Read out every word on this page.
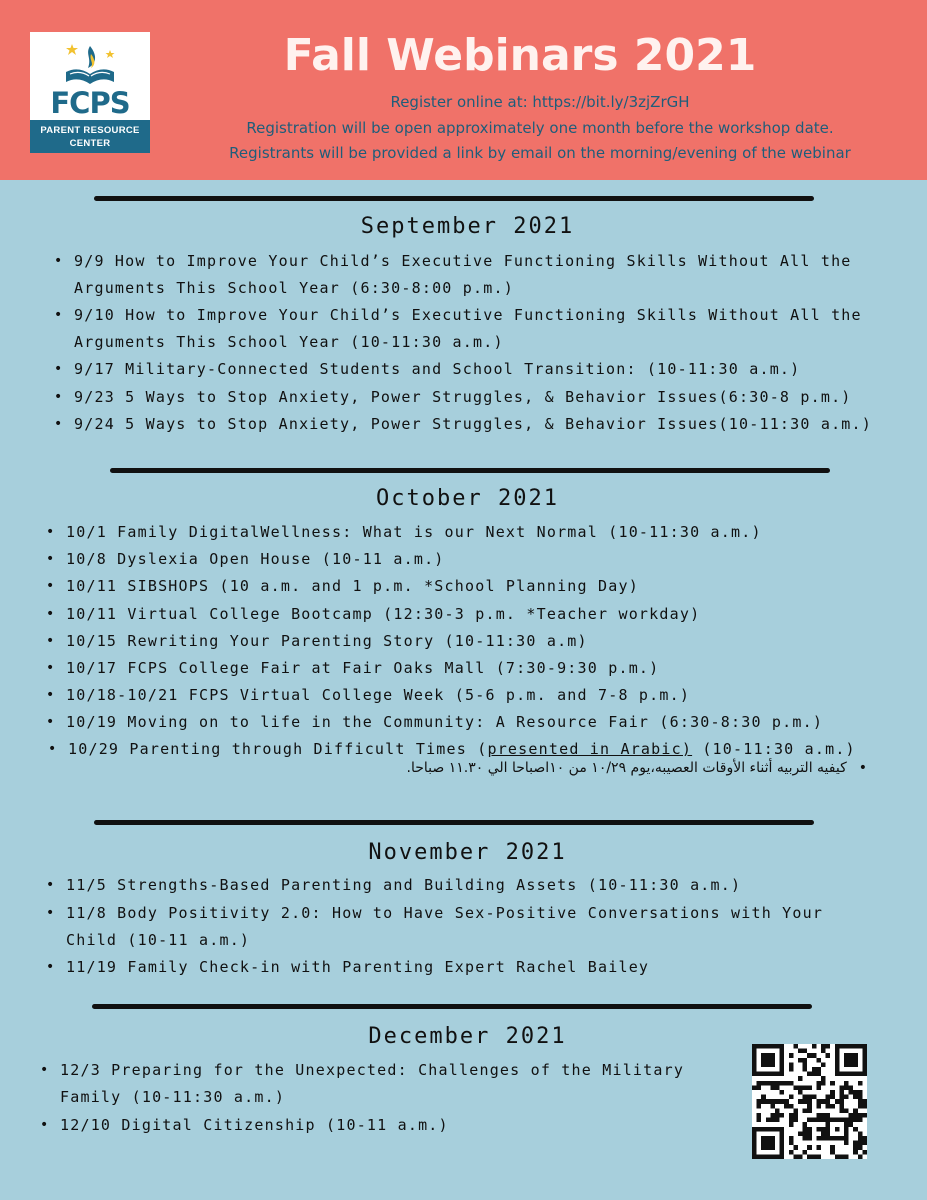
FCPS
PARENT RESOURCE
CENTER
Fall Webinars 2021
Register online at: https://bit.ly/3zjZrGH
Registration will be open approximately one month before the workshop date.
Registrants will be provided a link by email on the morning/evening of the webinar
September 2021
• 9/9 How to Improve Your Child’s Executive Functioning Skills Without All the
Arguments This School Year (6:30-8:00 p.m.)
• 9/10 How to Improve Your Child’s Executive Functioning Skills Without All the
Arguments This School Year (10-11:30 a.m.)
• 9/17 Military-Connected Students and School Transition: (10-11:30 a.m.)
• 9/23 5 Ways to Stop Anxiety, Power Struggles, & Behavior Issues(6:30-8 p.m.)
• 9/24 5 Ways to Stop Anxiety, Power Struggles, & Behavior Issues(10-11:30 a.m.)
October 2021
• 10/1 Family DigitalWellness: What is our Next Normal (10-11:30 a.m.)
• 10/8 Dyslexia Open House (10-11 a.m.)
• 10/11 SIBSHOPS (10 a.m. and 1 p.m. *School Planning Day)
• 10/11 Virtual College Bootcamp (12:30-3 p.m. *Teacher workday)
• 10/15 Rewriting Your Parenting Story (10-11:30 a.m)
• 10/17 FCPS College Fair at Fair Oaks Mall (7:30-9:30 p.m.)
• 10/18-10/21 FCPS Virtual College Week (5-6 p.m. and 7-8 p.m.)
• 10/19 Moving on to life in the Community: A Resource Fair (6:30-8:30 p.m.)
• 10/29 Parenting through Difficult Times (presented in Arabic) (10-11:30 a.m.)
•كيفيه التربيه أثناء الأوقات العصيبه،يوم ١٠/٢٩ من ١٠اصباحا الي ١١.٣٠ صباحا.
November 2021
• 11/5 Strengths-Based Parenting and Building Assets (10-11:30 a.m.)
• 11/8 Body Positivity 2.0: How to Have Sex-Positive Conversations with Your
Child (10-11 a.m.)
• 11/19 Family Check-in with Parenting Expert Rachel Bailey
December 2021
• 12/3 Preparing for the Unexpected: Challenges of the Military
Family (10-11:30 a.m.)
• 12/10 Digital Citizenship (10-11 a.m.)
